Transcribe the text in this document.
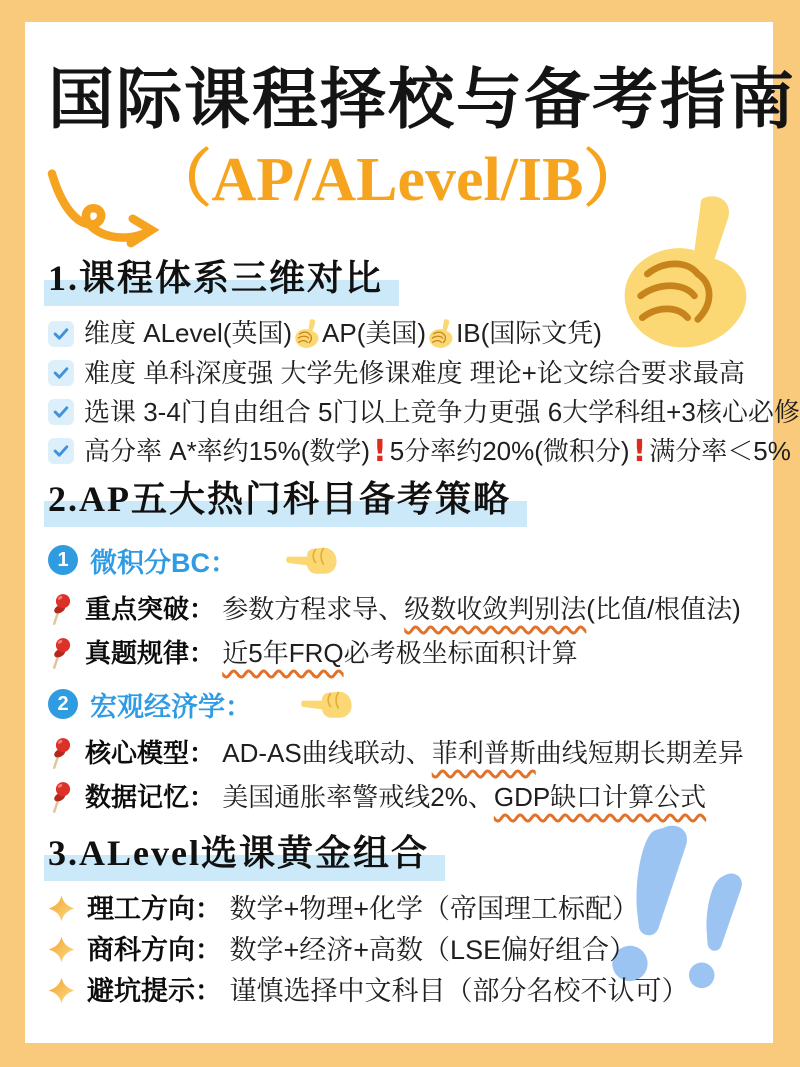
国际课程择校与备考指南
（AP/ALevel/IB）
1.课程体系三维对比
维度 ALevel(英国) AP(美国) IB(国际文凭)
难度 单科深度强 大学先修课难度 理论+论文综合要求最高
选课 3-4门自由组合 5门以上竞争力更强 6大学科组+3核心必修
高分率 A*率约15%(数学) ! 5分率约20%(微积分) ! 满分率＜5%
2.AP五大热门科目备考策略
1 微积分BC：
重点突破： 参数方程求导、级数收敛判别法(比值/根值法)
真题规律： 近5年FRQ必考极坐标面积计算
2 宏观经济学：
核心模型： AD-AS曲线联动、菲利普斯曲线短期长期差异
数据记忆： 美国通胀率警戒线2%、GDP缺口计算公式
3.ALevel选课黄金组合
理工方向： 数学+物理+化学（帝国理工标配）
商科方向： 数学+经济+高数（LSE偏好组合）
避坑提示： 谨慎选择中文科目（部分名校不认可）
